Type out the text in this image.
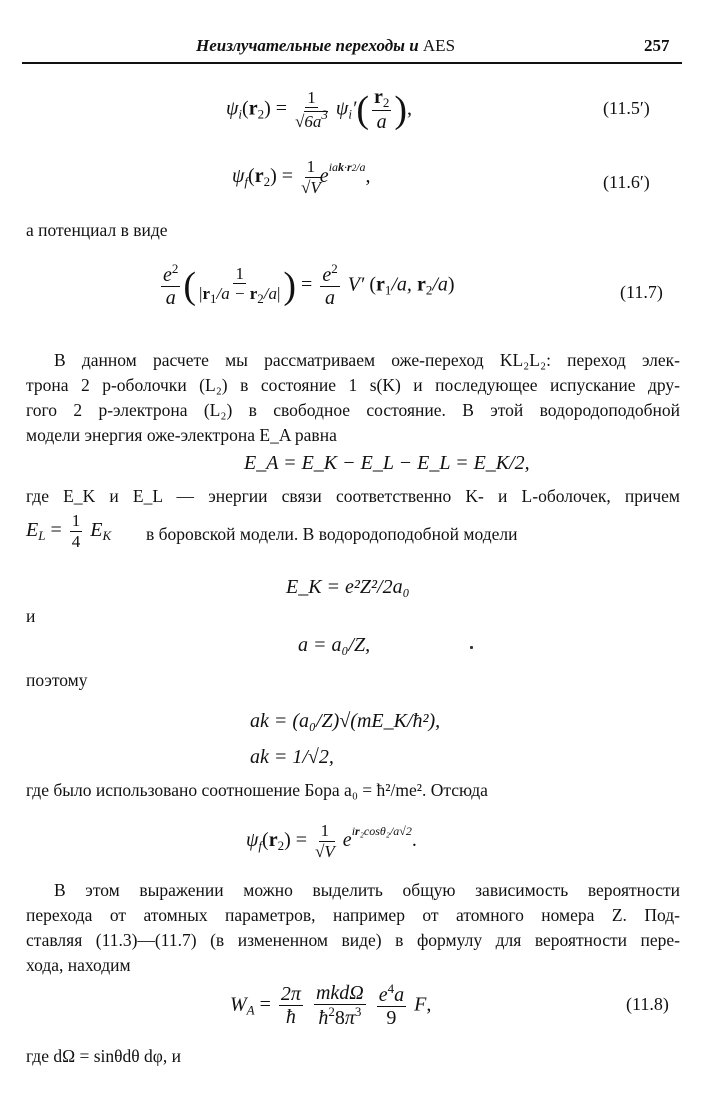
Неизлучательные переходы и AES	257
$\psi_i(r_2) = \frac{1}{√6a^3} \psi_i'( \frac{r_2}{a}$ ),	(11.5′)
$\psi_f(r_2) = \frac{1}{√V} e^{iak\cdot r2/a}$,	(11.6′)
а потенциал в виде
$\frac{e^2}{a}$ ( $\frac{1}{|r_1/a - r_2/a|}$ ) = $\frac{e^2}{a} V'$ ($r_1/a$, $r_2/a$)	(11.7)
В данном расчете мы рассматриваем оже-переход KL₂L₂: переход элек-
трона 2 p-оболочки (L₂) в состояние 1 s(K) и последующее испускание дру-
гого 2 p-электрона (L₂) в свободное состояние. В этой водородоподобной
модели энергия оже-электрона E_A равна
E_A = E_K − E_L − E_L = E_K/2,
где E_K и E_L — энергии связи соответственно K- и L-оболочек, причем
$E_L = \frac{1}{4} E_K$ в боровской модели. В водородоподобной модели
E_K = e²Z²/2a₀
и
a = a₀/Z,
поэтому
ak = (a₀/Z)√(mE_K/ħ²),
ak = 1/√2,
где было использовано соотношение Бора a₀ = ħ²/me². Отсюда
$\psi_f(r_2) = \frac{1}{√V} e^{ir_2cos\theta_2/a√2}$.
В этом выражении можно выделить общую зависимость вероятности
перехода от атомных параметров, например от атомного номера Z. Под-
ставляя (11.3)—(11.7) (в измененном виде) в формулу для вероятности пере-
хода, находим
$W_A = \frac{2\pi}{ħ}$
$\frac{\text{mkdΩ}}{ħ^28\pi^3}$
$\frac{e^4a}{9} F$,	(11.8)
где dΩ = sinθdθ dφ, и
